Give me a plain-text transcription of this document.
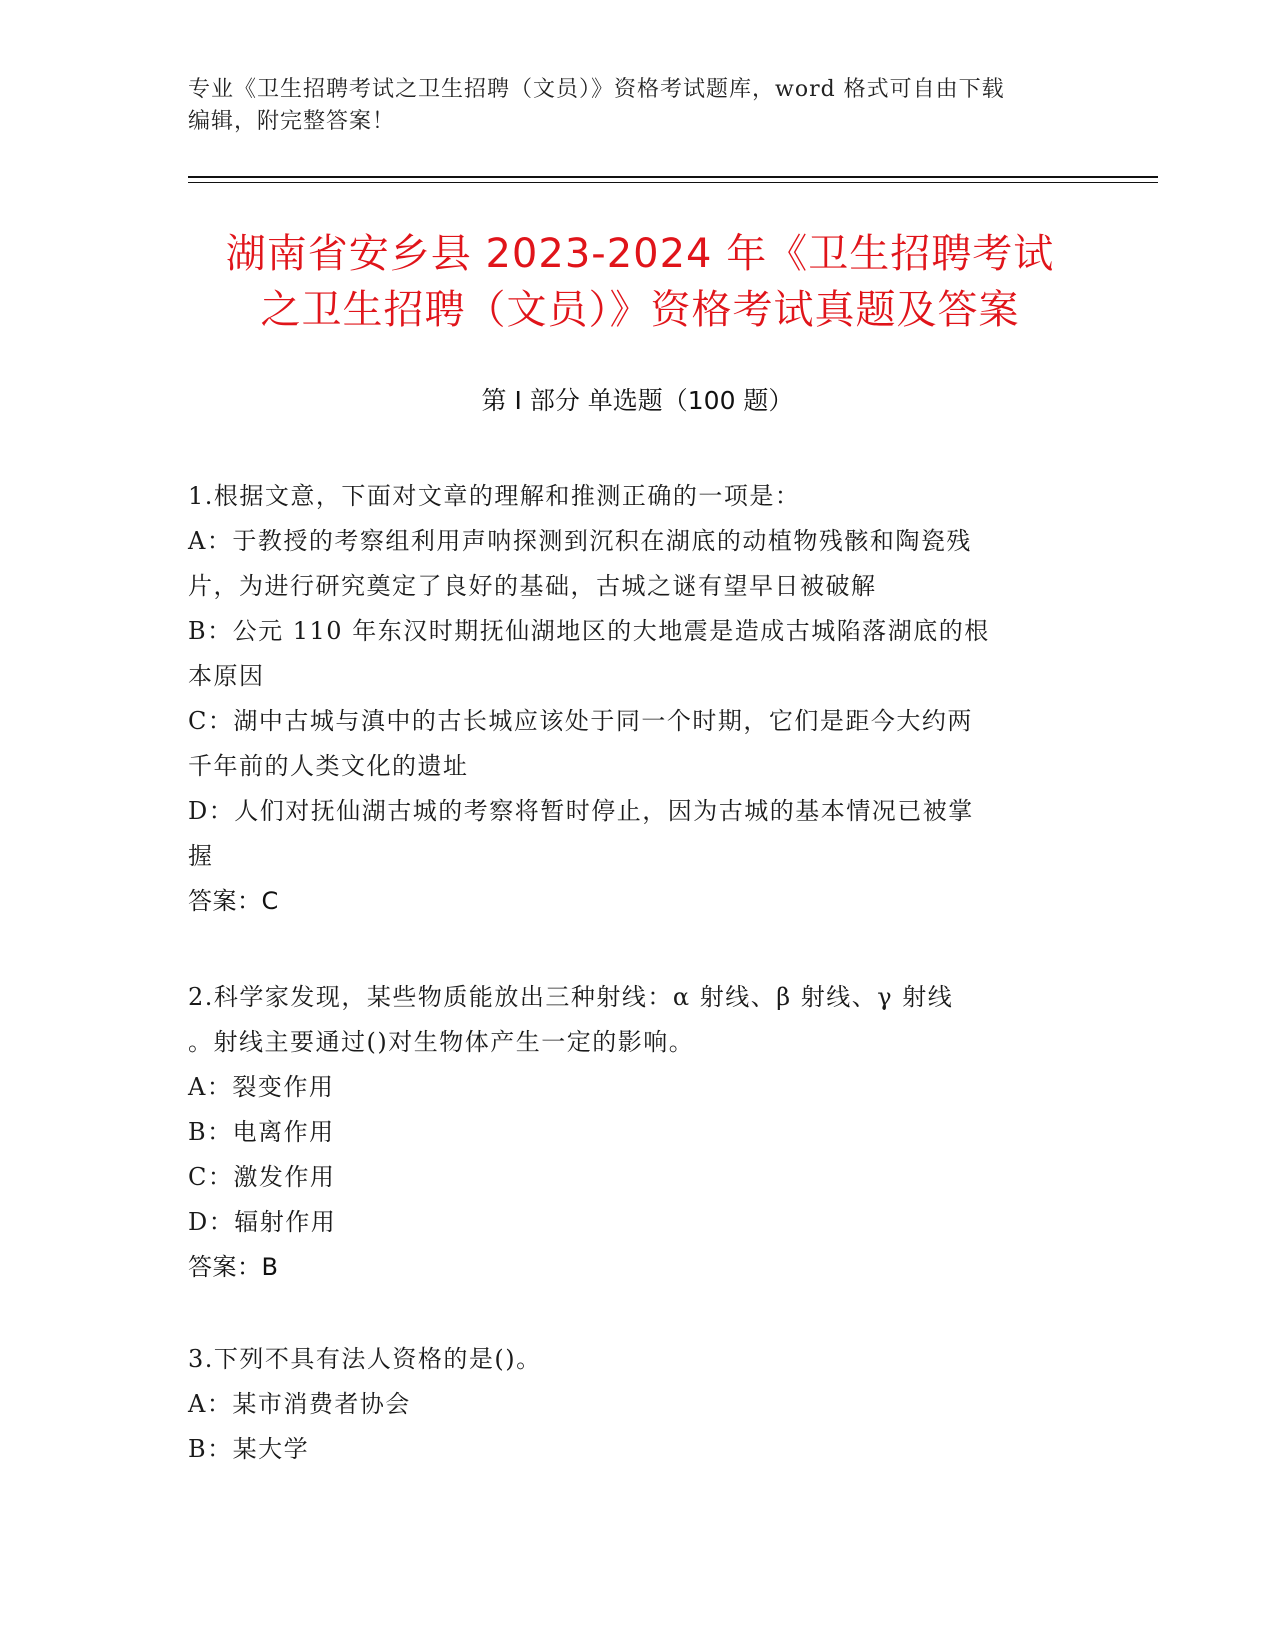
专业《卫生招聘考试之卫生招聘（文员）》资格考试题库，word 格式可自由下载
编辑，附完整答案！
湖南省安乡县 2023-2024 年《卫生招聘考试
之卫生招聘（文员）》资格考试真题及答案
第 I 部分 单选题（100 题）
1.根据文意，下面对文章的理解和推测正确的一项是：
A：于教授的考察组利用声呐探测到沉积在湖底的动植物残骸和陶瓷残
片，为进行研究奠定了良好的基础，古城之谜有望早日被破解
B：公元 110 年东汉时期抚仙湖地区的大地震是造成古城陷落湖底的根
本原因
C：湖中古城与滇中的古长城应该处于同一个时期，它们是距今大约两
千年前的人类文化的遗址
D：人们对抚仙湖古城的考察将暂时停止，因为古城的基本情况已被掌
握
答案：C
2.科学家发现，某些物质能放出三种射线：α 射线、β 射线、γ 射线
。射线主要通过()对生物体产生一定的影响。
A：裂变作用
B：电离作用
C：激发作用
D：辐射作用
答案：B
3.下列不具有法人资格的是()。
A：某市消费者协会
B：某大学
